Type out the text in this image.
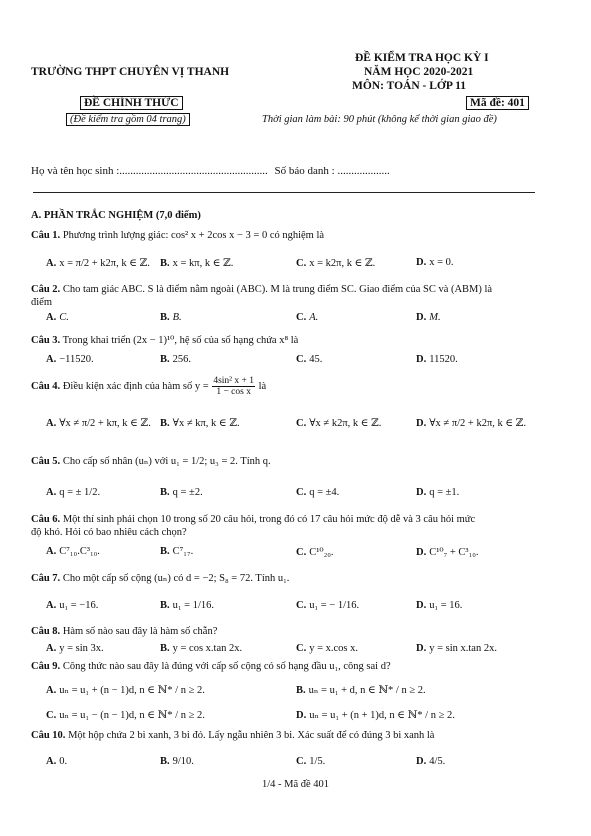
TRƯỜNG THPT CHUYÊN VỊ THANH
ĐỀ KIỂM TRA HỌC KỲ I
NĂM HỌC 2020-2021
MÔN: TOÁN - LỚP 11
ĐỀ CHÍNH THỨC	Mã đề: 401
(Đề kiểm tra gồm 04 trang)	Thời gian làm bài: 90 phút (không kể thời gian giao đề)
Họ và tên học sinh :...................................................... Số báo danh : ...................
A. PHẦN TRẮC NGHIỆM (7,0 điểm)
Câu 1. Phương trình lượng giác: cos² x + 2cos x − 3 = 0 có nghiệm là
A. x = π/2 + k2π, k ∈ ℤ. B. x = kπ, k ∈ ℤ.	C. x = k2π, k ∈ ℤ.	D. x = 0.
Câu 2. Cho tam giác ABC. S là điểm nằm ngoài (ABC). M là trung điểm SC. Giao điểm của SC và (ABM) là
điểm
A. C.	B. B.	C. A.	D. M.
Câu 3. Trong khai triển (2x − 1)¹⁰, hệ số của số hạng chứa x⁸ là
A. −11520.	B. 256.	C. 45.	D. 11520.
Câu 4. Điều kiện xác định của hàm số $y = \frac{\text{4sin² x + 1}}{\text{1 − cos x}}$ là
A. ∀x ≠ π/2 + kπ, k ∈ ℤ. B. ∀x ≠ kπ, k ∈ ℤ.	C. ∀x ≠ k2π, k ∈ ℤ.	D. ∀x ≠ π/2 + k2π, k ∈ ℤ.
Câu 5. Cho cấp số nhân (uₙ) với u₁ = 1/2; u₃ = 2. Tính q.
A. q = ± 1/2.	B. q = ±2.	C. q = ±4.	D. q = ±1.
Câu 6. Một thí sinh phải chọn 10 trong số 20 câu hỏi, trong đó có 17 câu hỏi mức độ dễ và 3 câu hỏi mức
độ khó. Hỏi có bao nhiêu cách chọn?
A. C⁷₁₀.C³₁₀.	B. C⁷₁₇.	C. C¹⁰₂₀.	D. C¹⁰₇ + C³₁₀.
Câu 7. Cho một cấp số cộng (uₙ) có d = −2; S₈ = 72. Tính u₁.
A. u₁ = −16.	B. u₁ = 1/16.	C. u₁ = − 1/16.	D. u₁ = 16.
Câu 8. Hàm số nào sau đây là hàm số chẵn?
A. y = sin 3x.	B. y = cos x.tan 2x.	C. y = x.cos x.	D. y = sin x.tan 2x.
Câu 9. Công thức nào sau đây là đúng với cấp số cộng có số hạng đầu u₁, công sai d?
A. uₙ = u₁ + (n − 1)d, n ∈ ℕ* / n ≥ 2.	B. uₙ = u₁ + d, n ∈ ℕ* / n ≥ 2.
C. uₙ = u₁ − (n − 1)d, n ∈ ℕ* / n ≥ 2.	D. uₙ = u₁ + (n + 1)d, n ∈ ℕ* / n ≥ 2.
Câu 10. Một hộp chứa 2 bi xanh, 3 bi đỏ. Lấy ngẫu nhiên 3 bi. Xác suất để có đúng 3 bi xanh là
A. 0.	B. 9/10.	C. 1/5.	D. 4/5.
1/4 - Mã đề 401
